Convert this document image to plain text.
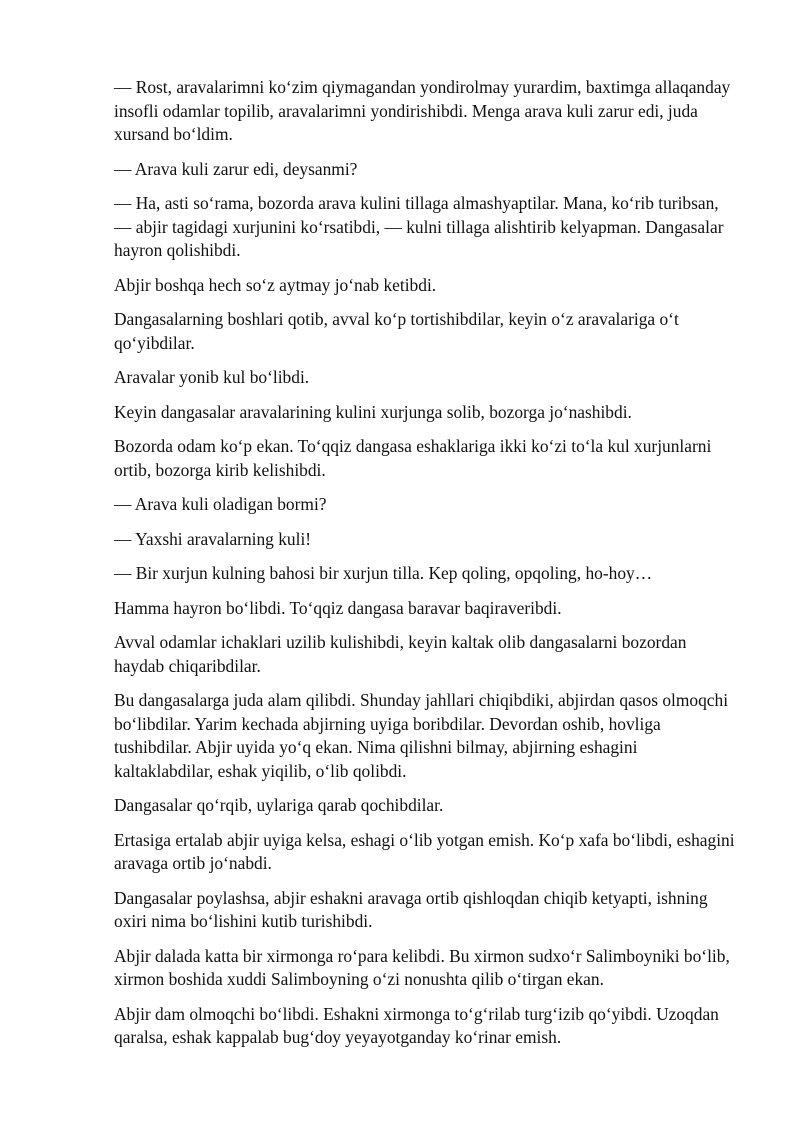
— Rost, aravalarimni koʻzim qiymagandan yondirolmay yurardim, baxtimga allaqanday insofli odamlar topilib, aravalarimni yondirishibdi. Menga arava kuli zarur edi, juda xursand boʻldim.

— Arava kuli zarur edi, deysanmi?

— Ha, asti soʻrama, bozorda arava kulini tillaga almashyaptilar. Mana, koʻrib turibsan, — abjir tagidagi xurjunini koʻrsatibdi, — kulni tillaga alishtirib kelyapman. Dangasalar hayron qolishibdi.

Abjir boshqa hech soʻz aytmay joʻnab ketibdi.

Dangasalarning boshlari qotib, avval koʻp tortishibdilar, keyin oʻz aravalariga oʻt qoʻyibdilar.

Aravalar yonib kul boʻlibdi.

Keyin dangasalar aravalarining kulini xurjunga solib, bozorga joʻnashibdi.

Bozorda odam koʻp ekan. Toʻqqiz dangasa eshaklariga ikki koʻzi toʻla kul xurjunlarni ortib, bozorga kirib kelishibdi.

— Arava kuli oladigan bormi?

— Yaxshi aravalarning kuli!

— Bir xurjun kulning bahosi bir xurjun tilla. Kep qoling, opqoling, ho-hoy…

Hamma hayron boʻlibdi. Toʻqqiz dangasa baravar baqiraveribdi.

Avval odamlar ichaklari uzilib kulishibdi, keyin kaltak olib dangasalarni bozordan haydab chiqaribdilar.

Bu dangasalarga juda alam qilibdi. Shunday jahllari chiqibdiki, abjirdan qasos olmoqchi boʻlibdilar. Yarim kechada abjirning uyiga boribdilar. Devordan oshib, hovliga tushibdilar. Abjir uyida yoʻq ekan. Nima qilishni bilmay, abjirning eshagini kaltaklabdilar, eshak yiqilib, oʻlib qolibdi.

Dangasalar qoʻrqib, uylariga qarab qochibdilar.

Ertasiga ertalab abjir uyiga kelsa, eshagi oʻlib yotgan emish. Koʻp xafa boʻlibdi, eshagini aravaga ortib joʻnabdi.

Dangasalar poylashsa, abjir eshakni aravaga ortib qishloqdan chiqib ketyapti, ishning oxiri nima boʻlishini kutib turishibdi.

Abjir dalada katta bir xirmonga roʻpara kelibdi. Bu xirmon sudxoʻr Salimboyniki boʻlib, xirmon boshida xuddi Salimboyning oʻzi nonushta qilib oʻtirgan ekan.

Abjir dam olmoqchi boʻlibdi. Eshakni xirmonga toʻgʻrilab turgʻizib qoʻyibdi. Uzoqdan qaralsa, eshak kappalab bugʻdoy yeyayotganday koʻrinar emish.
